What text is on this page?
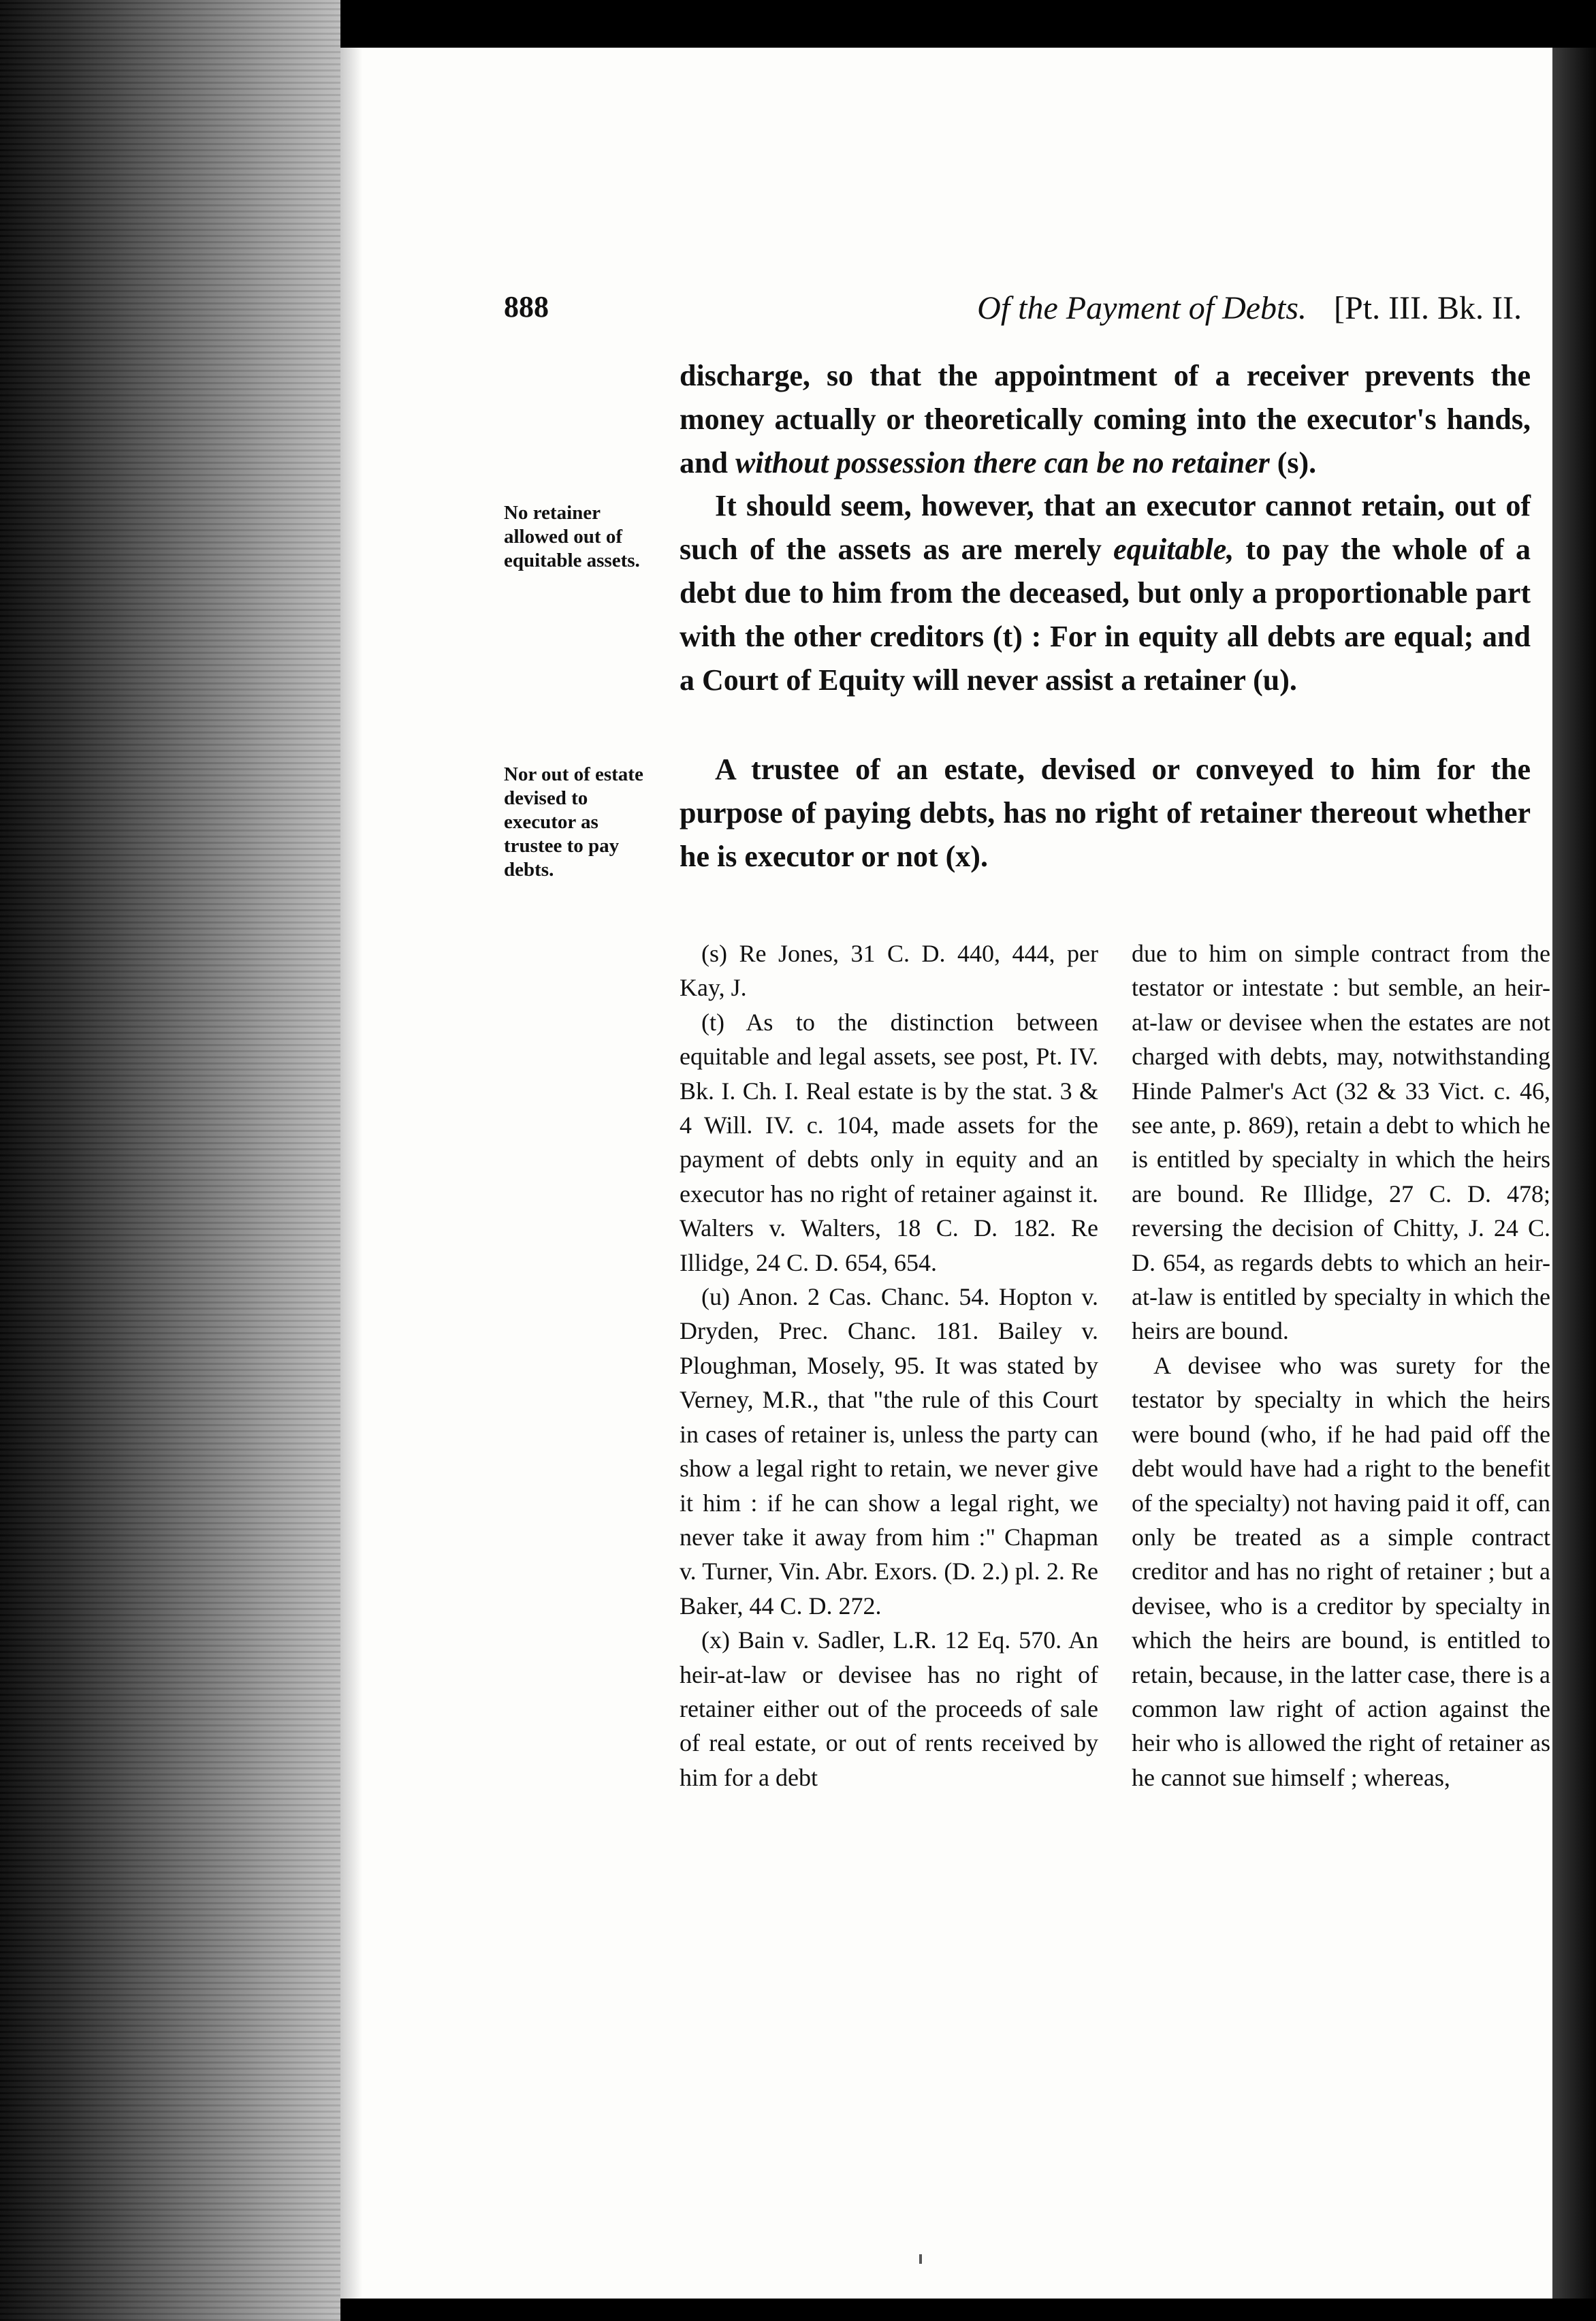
888	Of the Payment of Debts. [Pt. III. Bk. II.

discharge, so that the appointment of a receiver prevents the money actually or theoretically coming into the executor's hands, and without possession there can be no retainer (s).

It should seem, however, that an executor cannot retain, out of such of the assets as are merely equitable, to pay the whole of a debt due to him from the deceased, but only a proportionable part with the other creditors (t) : For in equity all debts are equal; and a Court of Equity will never assist a retainer (u).

A trustee of an estate, devised or conveyed to him for the purpose of paying debts, has no right of retainer thereout whether he is executor or not (x).

No retainer allowed out of equitable assets.

Nor out of estate devised to executor as trustee to pay debts.

(s) Re Jones, 31 C. D. 440, 444, per Kay, J.

(t) As to the distinction between equitable and legal assets, see post, Pt. IV. Bk. I. Ch. I. Real estate is by the stat. 3 & 4 Will. IV. c. 104, made assets for the payment of debts only in equity and an executor has no right of retainer against it. Walters v. Walters, 18 C. D. 182. Re Illidge, 24 C. D. 654, 654.

(u) Anon. 2 Cas. Chanc. 54. Hopton v. Dryden, Prec. Chanc. 181. Bailey v. Ploughman, Mosely, 95. It was stated by Verney, M.R., that "the rule of this Court in cases of retainer is, unless the party can show a legal right to retain, we never give it him : if he can show a legal right, we never take it away from him :" Chapman v. Turner, Vin. Abr. Exors. (D. 2.) pl. 2. Re Baker, 44 C. D. 272.

(x) Bain v. Sadler, L.R. 12 Eq. 570. An heir-at-law or devisee has no right of retainer either out of the proceeds of sale of real estate, or out of rents received by him for a debt

due to him on simple contract from the testator or intestate : but semble, an heir-at-law or devisee when the estates are not charged with debts, may, notwithstanding Hinde Palmer's Act (32 & 33 Vict. c. 46, see ante, p. 869), retain a debt to which he is entitled by specialty in which the heirs are bound. Re Illidge, 27 C. D. 478; reversing the decision of Chitty, J. 24 C. D. 654, as regards debts to which an heir-at-law is entitled by specialty in which the heirs are bound.

A devisee who was surety for the testator by specialty in which the heirs were bound (who, if he had paid off the debt would have had a right to the benefit of the specialty) not having paid it off, can only be treated as a simple contract creditor and has no right of retainer ; but a devisee, who is a creditor by specialty in which the heirs are bound, is entitled to retain, because, in the latter case, there is a common law right of action against the heir who is allowed the right of retainer as he cannot sue himself ; whereas,
